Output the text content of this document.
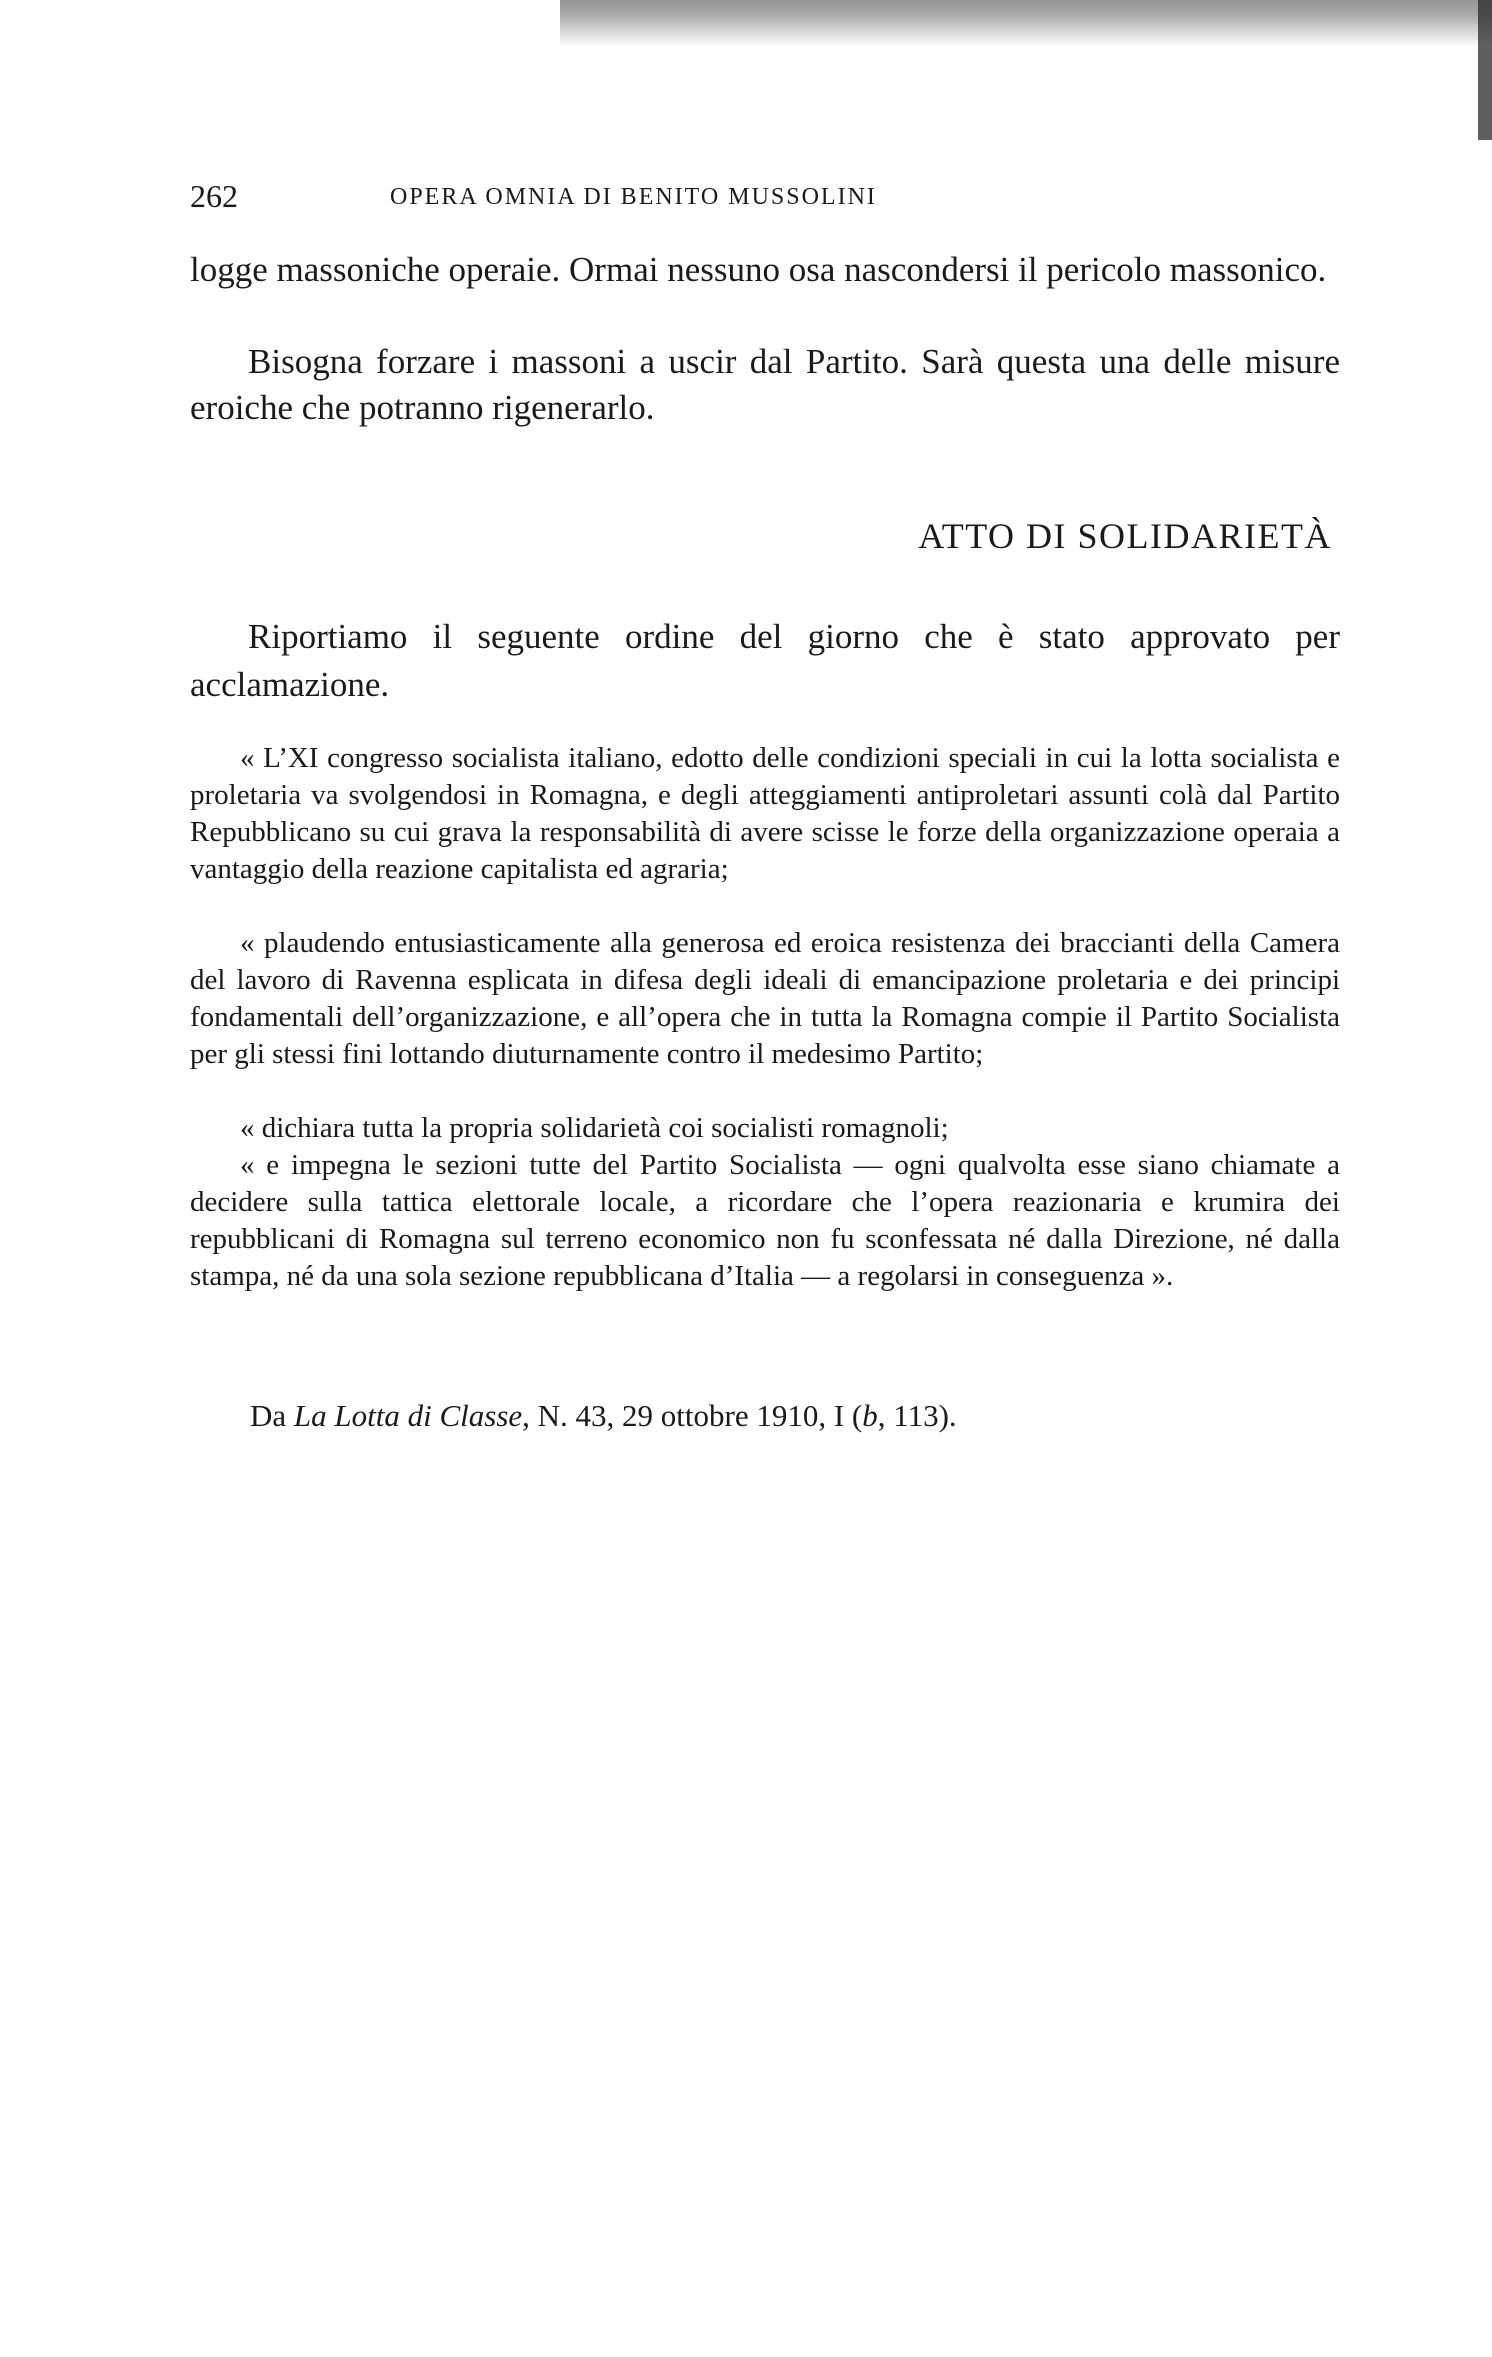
262	OPERA OMNIA DI BENITO MUSSOLINI

logge massoniche operaie. Ormai nessuno osa nascondersi il pericolo massonico.

Bisogna forzare i massoni a uscir dal Partito. Sarà questa una delle misure eroiche che potranno rigenerarlo.

ATTO DI SOLIDARIETÀ

Riportiamo il seguente ordine del giorno che è stato approvato per acclamazione.

« L’XI congresso socialista italiano, edotto delle condizioni speciali in cui la lotta socialista e proletaria va svolgendosi in Romagna, e degli atteggiamenti antiproletari assunti colà dal Partito Repubblicano su cui grava la responsabilità di avere scisse le forze della organizzazione operaia a vantaggio della reazione capitalista ed agraria;

« plaudendo entusiasticamente alla generosa ed eroica resistenza dei braccianti della Camera del lavoro di Ravenna esplicata in difesa degli ideali di emancipazione proletaria e dei principi fondamentali dell’organizzazione, e all’opera che in tutta la Romagna compie il Partito Socialista per gli stessi fini lottando diuturnamente contro il medesimo Partito;

« dichiara tutta la propria solidarietà coi socialisti romagnoli;

« e impegna le sezioni tutte del Partito Socialista — ogni qualvolta esse siano chiamate a decidere sulla tattica elettorale locale, a ricordare che l’opera reazionaria e krumira dei repubblicani di Romagna sul terreno economico non fu sconfessata né dalla Direzione, né dalla stampa, né da una sola sezione repubblicana d’Italia — a regolarsi in conseguenza ».

Da La Lotta di Classe, N. 43, 29 ottobre 1910, I (b, 113).
